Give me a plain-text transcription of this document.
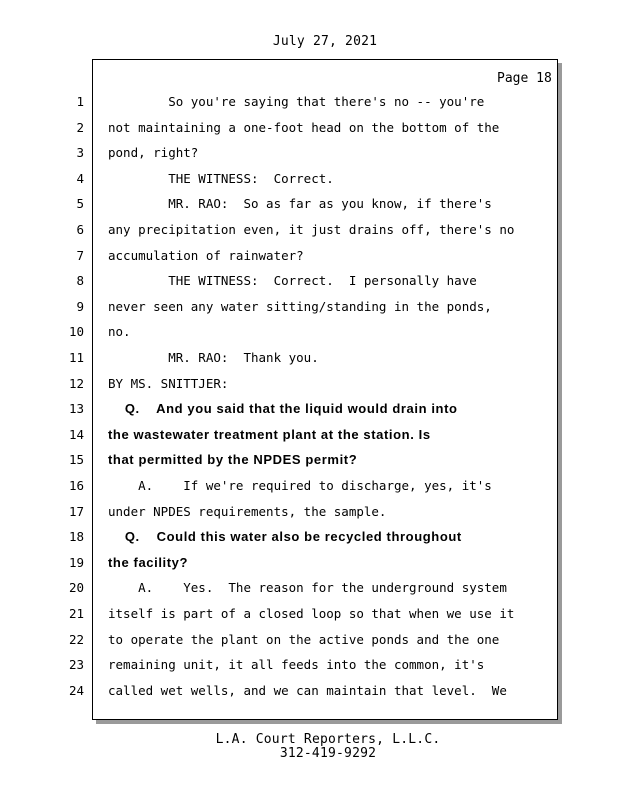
July 27, 2021
Page 18
1 So you're saying that there's no -- you're
2 not maintaining a one-foot head on the bottom of the
3 pond, right?
4 THE WITNESS:  Correct.
5 MR. RAO:  So as far as you know, if there's
6 any precipitation even, it just drains off, there's no
7 accumulation of rainwater?
8 THE WITNESS:  Correct.  I personally have
9 never seen any water sitting/standing in the ponds,
10 no.
11 MR. RAO:  Thank you.
12 BY MS. SNITTJER:
13 Q.    And you said that the liquid would drain into
14 the wastewater treatment plant at the station. Is
15 that permitted by the NPDES permit?
16 A.    If we're required to discharge, yes, it's
17 under NPDES requirements, the sample.
18 Q.    Could this water also be recycled throughout
19 the facility?
20 A.    Yes.  The reason for the underground system
21 itself is part of a closed loop so that when we use it
22 to operate the plant on the active ponds and the one
23 remaining unit, it all feeds into the common, it's
24 called wet wells, and we can maintain that level.  We
L.A. Court Reporters, L.L.C.
312-419-9292
